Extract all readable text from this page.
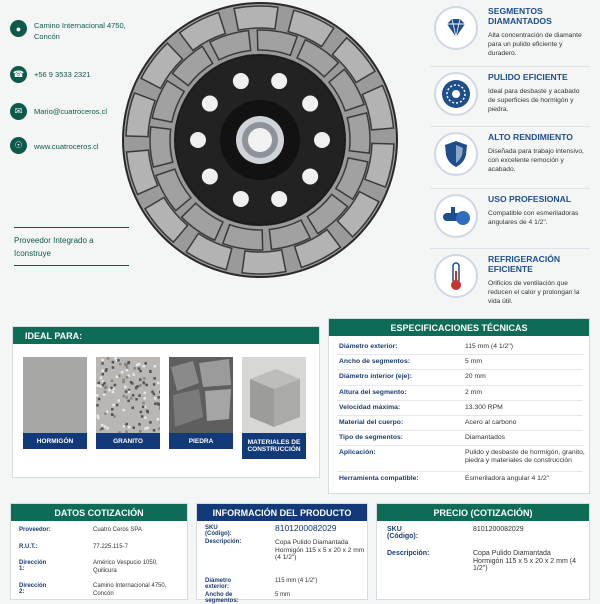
●	Camino Internacional 4750, Concón
☎	+56 9 3533 2321
✉	Mario@cuatroceros.cl
☉	www.cuatroceros.cl
Proveedor Integrado a Iconstruye
SEGMENTOS DIAMANTADOS
Alta concentración de diamante para un pulido eficiente y duradero.
PULIDO EFICIENTE
Ideal para desbaste y acabado de superficies de hormigón y piedra.
ALTO RENDIMIENTO
Diseñada para trabajo intensivo, con excelente remoción y acabado.
USO PROFESIONAL
Compatible con esmeriladoras angulares de 4 1/2".
REFRIGERACIÓN EFICIENTE
Orificios de ventilación que reducen el calor y prolongan la vida útil.
IDEAL PARA:
HORMIGÓN	GRANITO	PIEDRA	MATERIALES DE CONSTRUCCIÓN
ESPECIFICACIONES TÉCNICAS
Diámetro exterior:	115 mm (4 1/2")
Ancho de segmentos:	5 mm
Diámetro interior (eje):	20 mm
Altura del segmento:	2 mm
Velocidad máxima:	13.300 RPM
Material del cuerpo:	Acero al carbono
Tipo de segmentos:	Diamantados
Aplicación:	Pulido y desbaste de hormigón, granito, piedra y materiales de construcción
Herramienta compatible:	Esmeriladora angular 4 1/2"
DATOS COTIZACIÓN
Proveedor:	Cuatro Ceros SPA
R.U.T.:	77.225.115-7
Dirección 1:
Américo Vespucio 1050, Quilicura
Dirección 2:
Camino Internacional 4750, Concón
INFORMACIÓN DEL PRODUCTO
SKU (Código):
8101200082029
Descripción:	Copa Pulido Diamantada Hormigón 115 x 5 x 20 x 2 mm (4 1/2")
Diámetro exterior:
115 mm (4 1/2")
Ancho de segmentos:
5 mm
PRECIO (COTIZACIÓN)
SKU (Código):
8101200082029
Descripción:	Copa Pulido Diamantada Hormigón 115 x 5 x 20 x 2 mm (4 1/2")
